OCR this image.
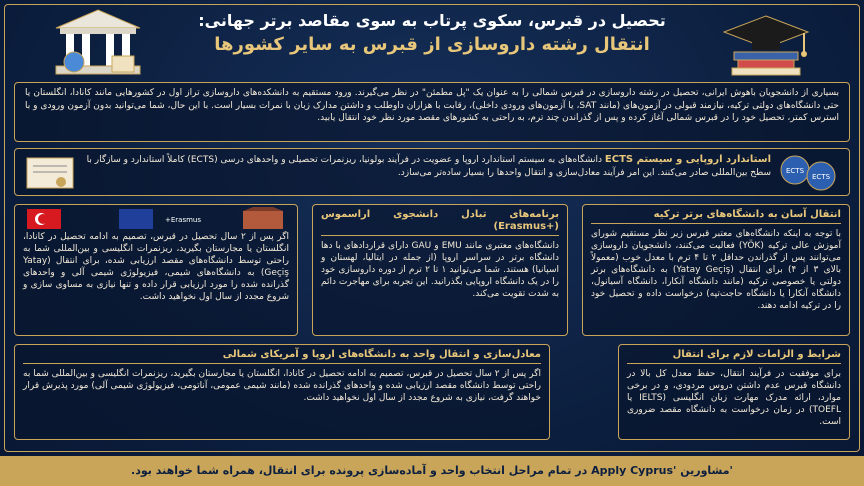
تحصیل در قبرس، سکوی پرتاب به سوی مقاصد برتر جهانی:
انتقال رشته داروسازی از قبرس به سایر کشورها
بسیاری از دانشجویان باهوش ایرانی، تحصیل در رشته داروسازی در قبرس شمالی را به عنوان یک "پل مطمئن" در نظر می‌گیرند. ورود مستقیم به دانشکده‌های داروسازی تراز اول در کشورهایی مانند کانادا، انگلستان یا حتی دانشگاه‌های دولتی ترکیه، نیازمند قبولی در آزمون‌های (مانند SAT، یا آزمون‌های ورودی داخلی)، رقابت با هزاران داوطلب و داشتن مدارک زبان با نمرات بسیار است. با این حال، شما می‌توانید بدون آزمون ورودی و با استرس کمتر، تحصیل خود را در قبرس شمالی آغاز کرده و پس از گذراندن چند ترم، به راحتی به کشورهای مقصد مورد نظر خود انتقال یابید.
استاندارد اروپایی و سیستم ECTS دانشگاه‌های به سیستم استاندارد اروپا و عضویت در فرآیند بولونیا، ریزنمرات تحصیلی و واحدهای درسی (ECTS) کاملاً استاندارد و سازگار با سطح بین‌المللی صادر می‌کنند. این امر فرآیند معادل‌سازی و انتقال واحدها را بسیار ساده‌تر می‌سازد. ECTS
ECTS
انتقال آسان به دانشگاه‌های برتر ترکیه
با توجه به اینکه دانشگاه‌های معتبر قبرس زیر نظر مستقیم شورای آموزش عالی ترکیه (YÖK) فعالیت می‌کنند، دانشجویان داروسازی می‌توانند پس از گذراندن حداقل ۲ تا ۴ ترم با معدل خوب (معمولاً بالای ۳ از ۴) برای انتقال (Yatay Geçiş) به دانشگاه‌های برتر دولتی یا خصوصی ترکیه (مانند دانشگاه آنکارا، دانشگاه آسیانول، دانشگاه آنکارا یا دانشگاه حاجت‌تپه) درخواست داده و تحصیل خود را در ترکیه ادامه دهند.
برنامه‌های تبادل دانشجوی اراسموس (+Erasmus)
دانشگاه‌های معتبری مانند EMU و GAU دارای قراردادهای با دها دانشگاه برتر در سراسر اروپا (از جمله در ایتالیا، لهستان و اسپانیا) هستند. شما می‌توانید ۱ تا ۲ ترم از دوره داروسازی خود را در یک دانشگاه اروپایی بگذرانید. این تجربه برای مهاجرت دائم به شدت تقویت می‌کند.
Erasmus+
اگر پس از ۲ سال تحصیل در قبرس، تصمیم به ادامه تحصیل در کانادا، انگلستان یا مجارستان بگیرید، ریزنمرات انگلیسی و بین‌المللی شما به راحتی توسط دانشگاه‌های مقصد ارزیابی شده، برای انتقال (Yatay Geçiş) به دانشگاه‌های شیمی، فیزیولوژی شیمی آلی و واحدهای گذرانده شده را مورد ارزیابی قرار داده و تنها نیازی به مساوی سازی و شروع مجدد از سال اول نخواهید داشت.
معادل‌سازی و انتقال واحد به دانشگاه‌های اروپا و آمریکای شمالی
اگر پس از ۲ سال تحصیل در قبرس، تصمیم به ادامه تحصیل در کانادا، انگلستان یا مجارستان بگیرید، ریزنمرات انگلیسی و بین‌المللی شما به راحتی توسط دانشگاه مقصد ارزیابی شده و واحدهای گذرانده شده (مانند شیمی عمومی، آناتومی، فیزیولوژی شیمی آلی) مورد پذیرش قرار خواهند گرفت، نیازی به شروع مجدد از سال اول نخواهید داشت.
شرایط و الزامات لازم برای انتقال
برای موفقیت در فرآیند انتقال، حفظ معدل کل بالا در دانشگاه قبرس عدم داشتن دروس مردودی، و در برخی موارد، ارائه مدرک مهارت زبان انگلیسی (IELTS یا TOEFL) در زمان درخواست به دانشگاه مقصد ضروری است.
'مشاورین 'Apply Cyprus در تمام مراحل انتخاب واحد و آماده‌سازی پرونده برای انتقال، همراه شما خواهند بود.
